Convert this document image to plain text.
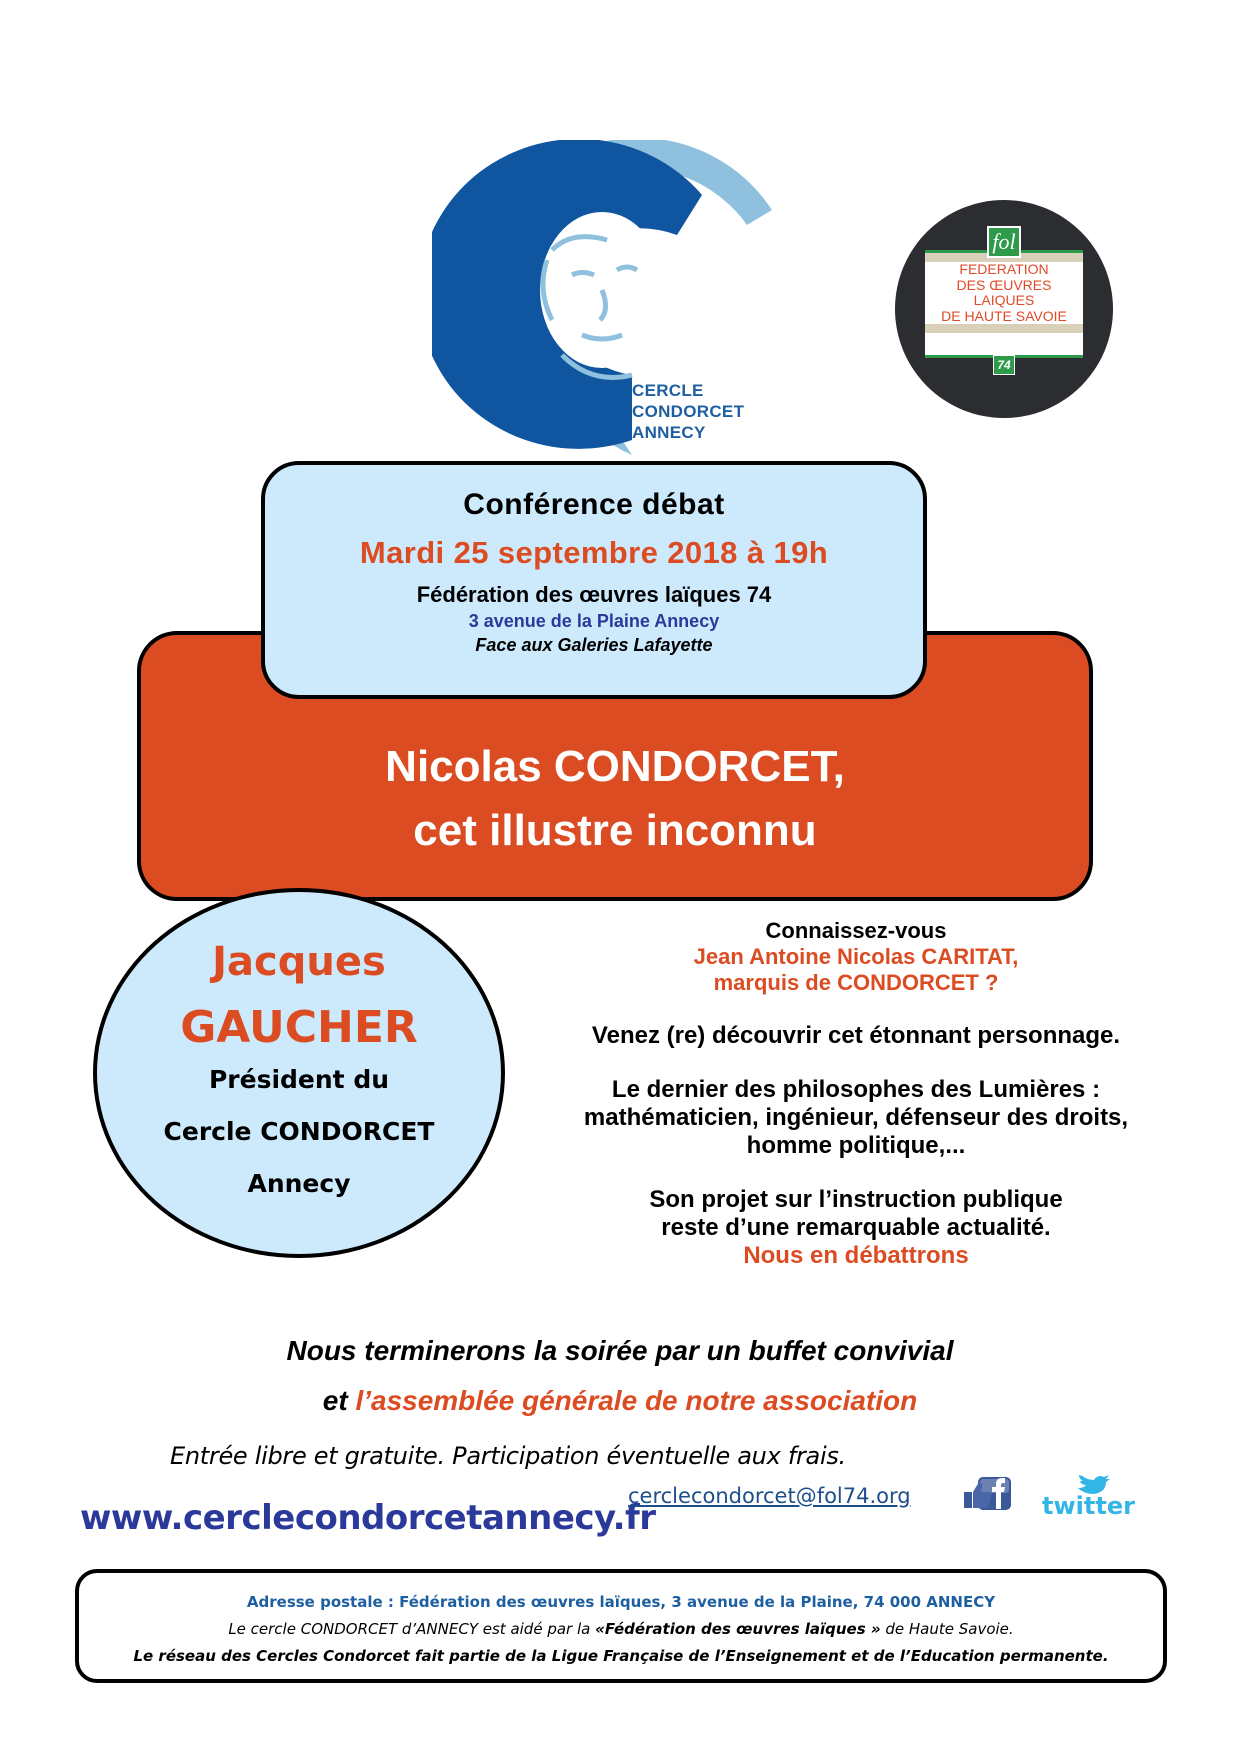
CERCLE
CONDORCET
ANNECY
FEDERATION
DES ŒUVRES
LAIQUES
DE HAUTE SAVOIE
fol
74
Nicolas CONDORCET,
cet illustre inconnu
Conférence débat
Mardi 25 septembre 2018 à 19h
Fédération des œuvres laïques 74
3 avenue de la Plaine Annecy
Face aux Galeries Lafayette
Jacques
GAUCHER
Président du
Cercle CONDORCET
Annecy
Connaissez-vous
Jean Antoine Nicolas CARITAT,
marquis de CONDORCET ?
Venez (re) découvrir cet étonnant personnage.
Le dernier des philosophes des Lumières :
mathématicien, ingénieur, défenseur des droits,
homme politique,...
Son projet sur l’instruction publique
reste d’une remarquable actualité.
Nous en débattrons
Nous terminerons la soirée par un buffet convivial
et l’assemblée générale de notre association
Entrée libre et gratuite. Participation éventuelle aux frais.
www.cerclecondorcetannecy.fr
cerclecondorcet@fol74.org	twitter
Adresse postale : Fédération des œuvres laïques, 3 avenue de la Plaine, 74 000 ANNECY
Le cercle CONDORCET d’ANNECY est aidé par la «Fédération des œuvres laïques » de Haute Savoie.
Le réseau des Cercles Condorcet fait partie de la Ligue Française de l’Enseignement et de l’Education permanente.
